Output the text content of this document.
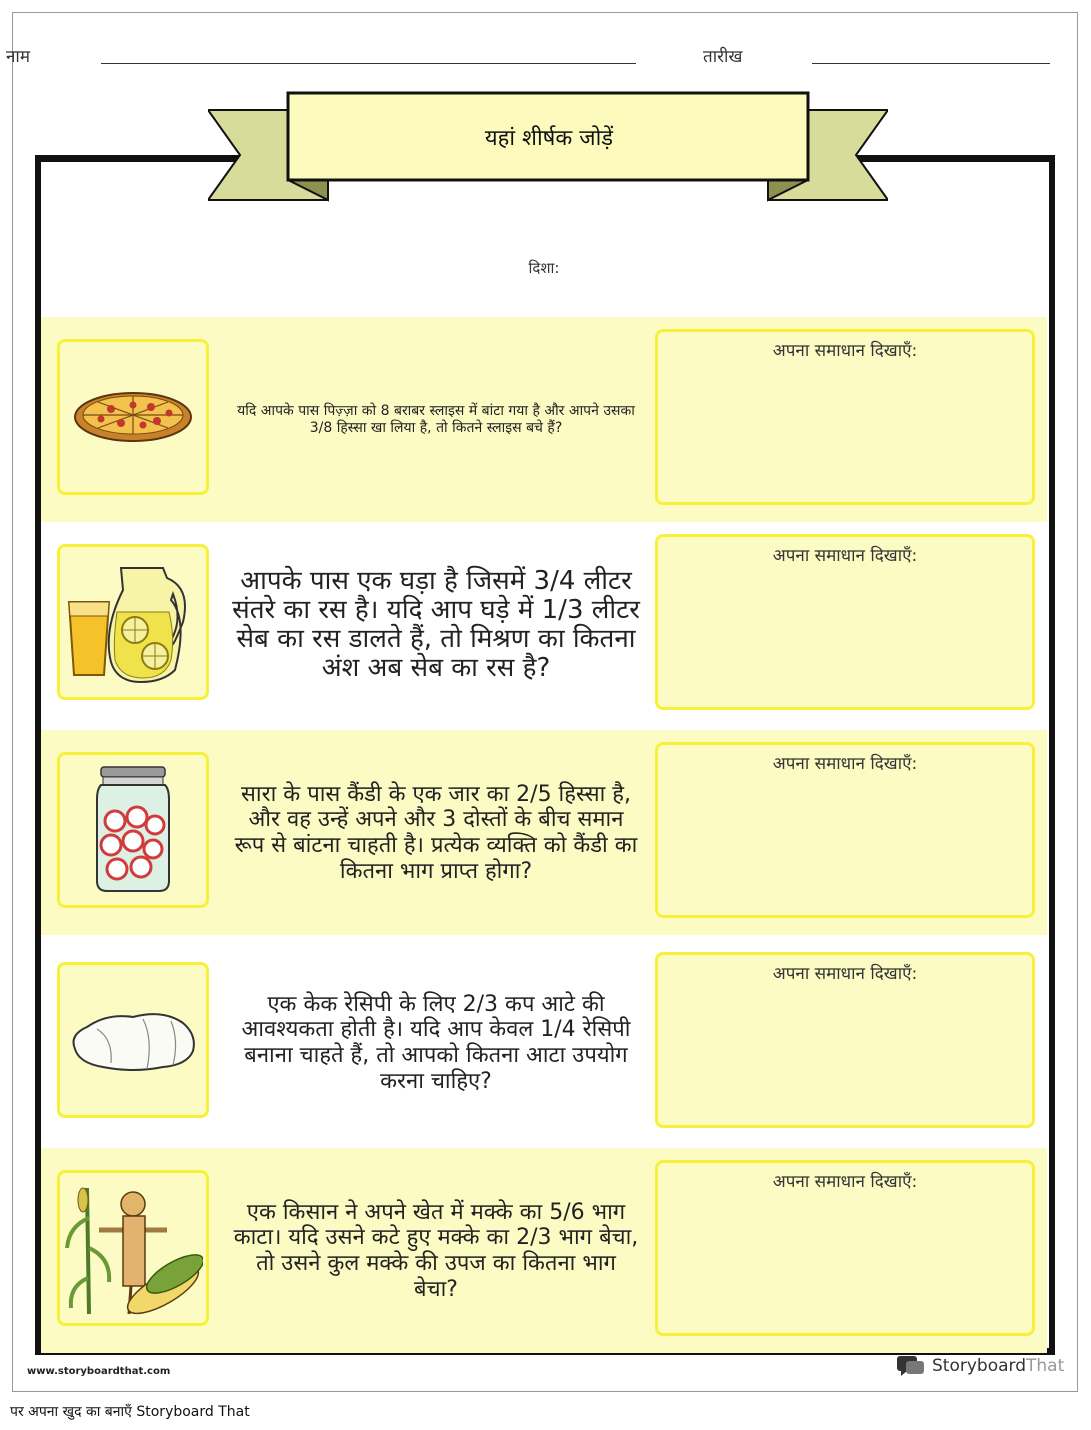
नाम	तारीख
यहां शीर्षक जोड़ें
दिशा:
यदि आपके पास पिज़्ज़ा को 8 बराबर स्लाइस में बांटा गया है और आपने उसका 3/8 हिस्सा खा लिया है, तो कितने स्लाइस बचे हैं?
अपना समाधान दिखाएँ:
आपके पास एक घड़ा है जिसमें 3/4 लीटर संतरे का रस है। यदि आप घड़े में 1/3 लीटर सेब का रस डालते हैं, तो मिश्रण का कितना अंश अब सेब का रस है?
अपना समाधान दिखाएँ:
सारा के पास कैंडी के एक जार का 2/5 हिस्सा है, और वह उन्हें अपने और 3 दोस्तों के बीच समान रूप से बांटना चाहती है। प्रत्येक व्यक्ति को कैंडी का कितना भाग प्राप्त होगा?
अपना समाधान दिखाएँ:
एक केक रेसिपी के लिए 2/3 कप आटे की आवश्यकता होती है। यदि आप केवल 1/4 रेसिपी बनाना चाहते हैं, तो आपको कितना आटा उपयोग करना चाहिए?
अपना समाधान दिखाएँ:
एक किसान ने अपने खेत में मक्के का 5/6 भाग काटा। यदि उसने कटे हुए मक्के का 2/3 भाग बेचा, तो उसने कुल मक्के की उपज का कितना भाग बेचा?
अपना समाधान दिखाएँ:
www.storyboardthat.com	Storyboard That
पर अपना खुद का बनाएँ Storyboard That
